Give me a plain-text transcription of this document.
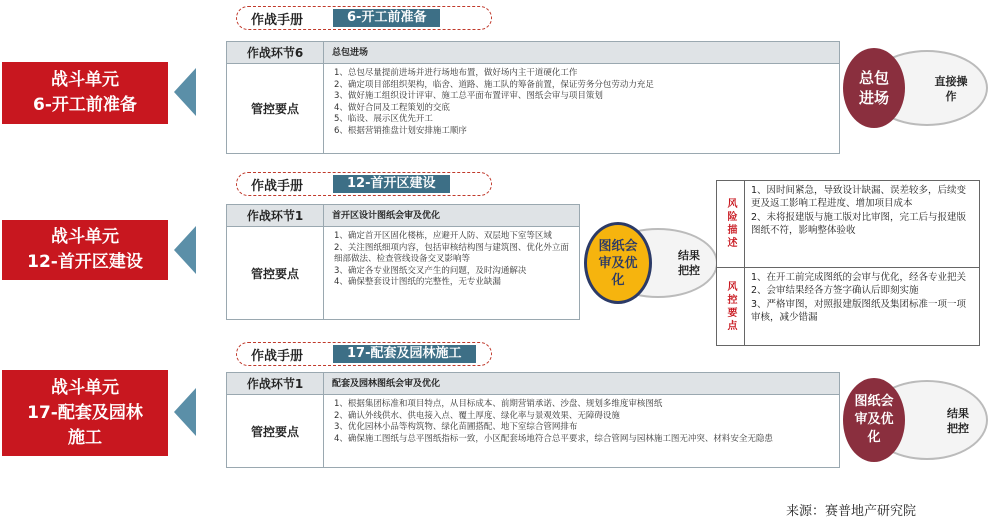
作战手册	6-开工前准备
战斗单元
6-开工前准备
作战环节6	总包进场
管控要点
1、总包尽量提前进场并进行场地布置，做好场内主干道硬化工作
2、确定项目部组织架构，临舍、道路、施工队的筹备前置，保证劳务分包劳动力充足
3、做好施工组织设计评审、施工总平面布置评审、图纸会审与项目策划
4、做好合同及工程策划的交底
5、临设、展示区优先开工
6、根据营销推盘计划安排施工顺序
总包进场
直接操作
作战手册	12-首开区建设
战斗单元
12-首开区建设
作战环节1	首开区设计图纸会审及优化
管控要点
1、确定首开区固化楼栋，应避开人防、双层地下室等区域
2、关注图纸细项内容，包括审核结构图与建筑图、优化外立面细部做法、检查管线设备交叉影响等
3、确定各专业图纸交叉产生的问题，及时沟通解决
4、确保整套设计图纸的完整性，无专业缺漏
图纸会审及优化
结果把控
风险描述
1、因时间紧急，导致设计缺漏、误差较多，后续变更及返工影响工程进度、增加项目成本
2、未将报建版与施工版对比审图，完工后与报建版图纸不符，影响整体验收
风控要点
1、在开工前完成图纸的会审与优化，经各专业把关
2、会审结果经各方签字确认后即刻实施
3、严格审图，对照报建版图纸及集团标准一项一项审核，减少错漏
作战手册	17-配套及园林施工
战斗单元
17-配套及园林
施工
作战环节1	配套及园林图纸会审及优化
管控要点
1、根据集团标准和项目特点，从目标成本、前期营销承诺、沙盘、规划多维度审核图纸
2、确认外线供水、供电接入点、覆土厚度、绿化率与景观效果、无障碍设施
3、优化园林小品等构筑物、绿化苗圃搭配、地下室综合管网排布
4、确保施工图纸与总平图纸指标一致，小区配套场地符合总平要求，综合管网与园林施工图无冲突、材料安全无隐患
图纸会审及优化
结果把控
来源：赛普地产研究院
